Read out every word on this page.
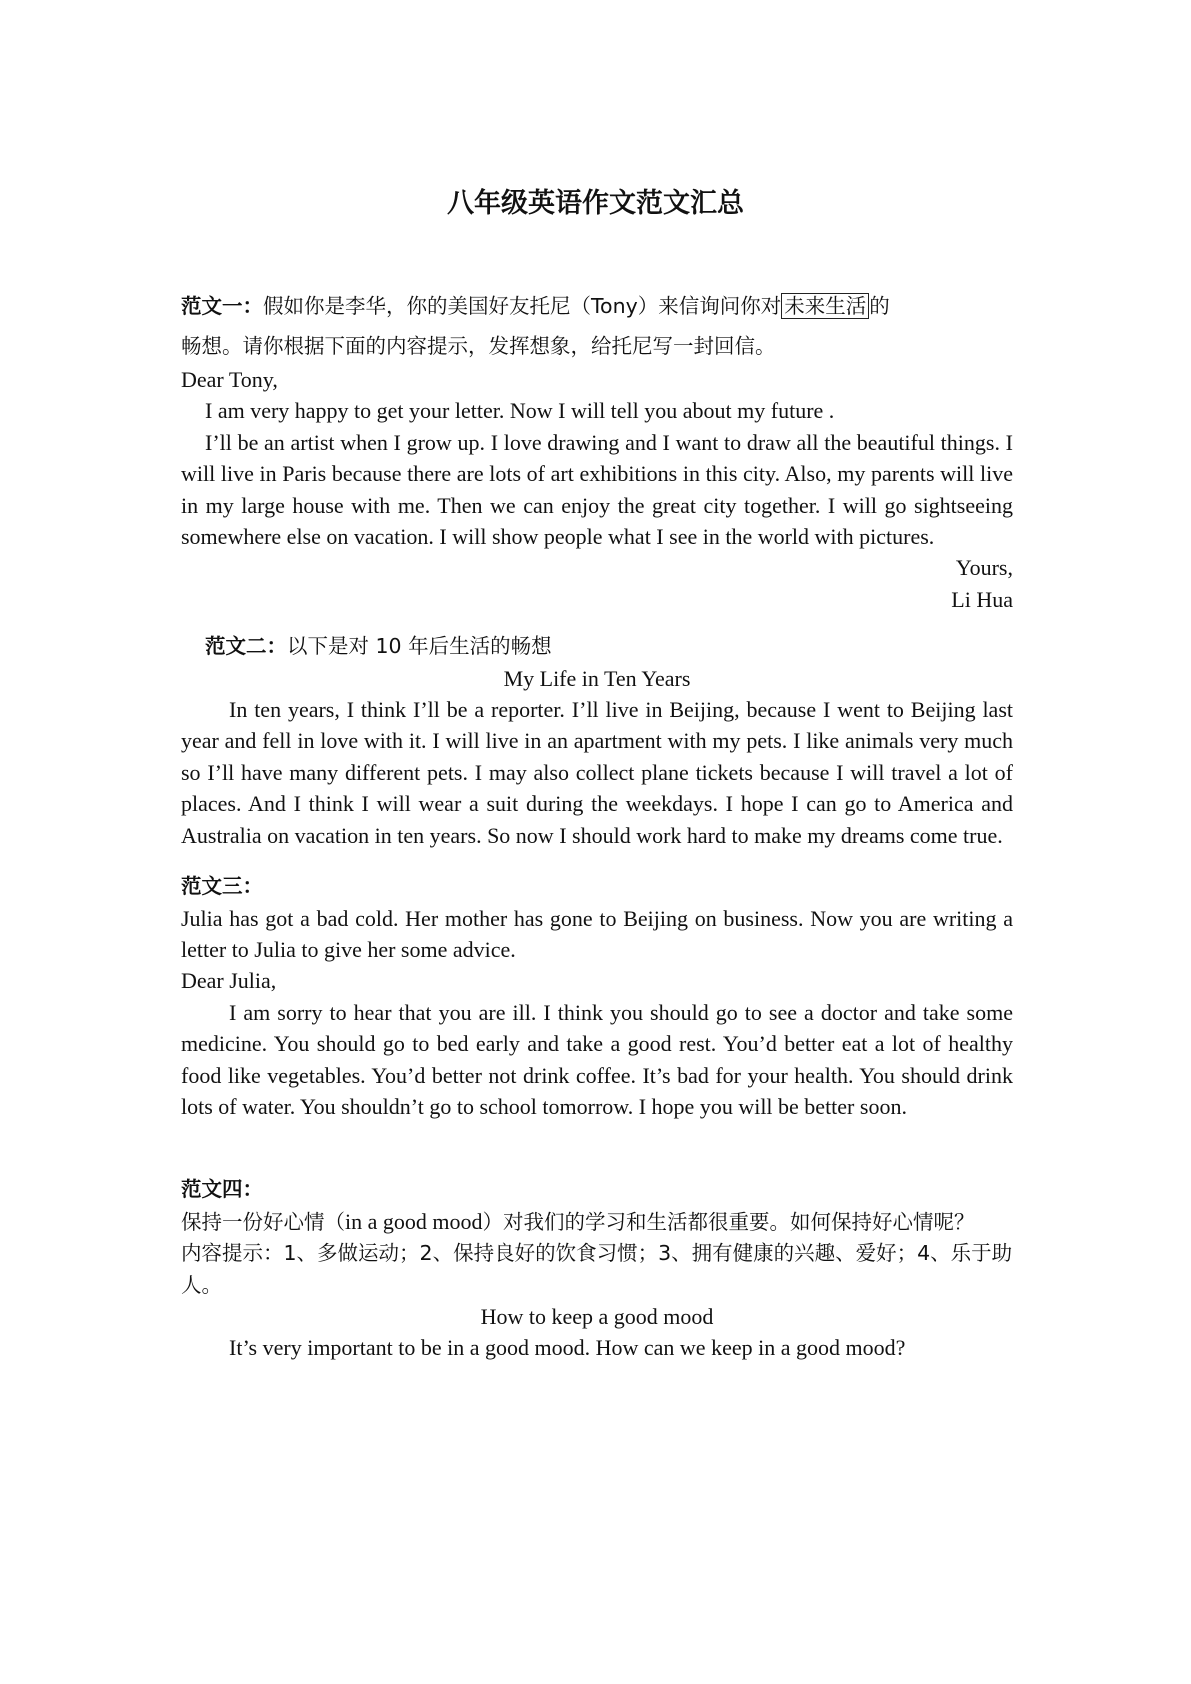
八年级英语作文范文汇总

范文一：假如你是李华，你的美国好友托尼（Tony）来信询问你对 未来生活 的

畅想。请你根据下面的内容提示，发挥想象，给托尼写一封回信。

Dear Tony,

I am very happy to get your letter. Now I will tell you about my future .

I’ll be an artist when I grow up. I love drawing and I want to draw all the beautiful things. I will live in Paris because there are lots of art exhibitions in this city. Also, my parents will live in my large house with me. Then we can enjoy the great city together. I will go sightseeing somewhere else on vacation. I will show people what I see in the world with pictures.

Yours,

Li Hua

范文二：以下是对 10 年后生活的畅想

My Life in Ten Years

In ten years, I think I’ll be a reporter. I’ll live in Beijing, because I went to Beijing last year and fell in love with it. I will live in an apartment with my pets. I like animals very much so I’ll have many different pets. I may also collect plane tickets because I will travel a lot of places. And I think I will wear a suit during the weekdays. I hope I can go to America and Australia on vacation in ten years. So now I should work hard to make my dreams come true.

范文三：

Julia has got a bad cold. Her mother has gone to Beijing on business. Now you are writing a letter to Julia to give her some advice.

Dear Julia,

I am sorry to hear that you are ill. I think you should go to see a doctor and take some medicine. You should go to bed early and take a good rest. You’d better eat a lot of healthy food like vegetables. You’d better not drink coffee. It’s bad for your health. You should drink lots of water. You shouldn’t go to school tomorrow. I hope you will be better soon.

范文四：

保持一份好心情（in a good mood）对我们的学习和生活都很重要。如何保持好心情呢？

内容提示：1、多做运动；2、保持良好的饮食习惯；3、拥有健康的兴趣、爱好；4、乐于助人。

How to keep a good mood

It’s very important to be in a good mood. How can we keep in a good mood?
